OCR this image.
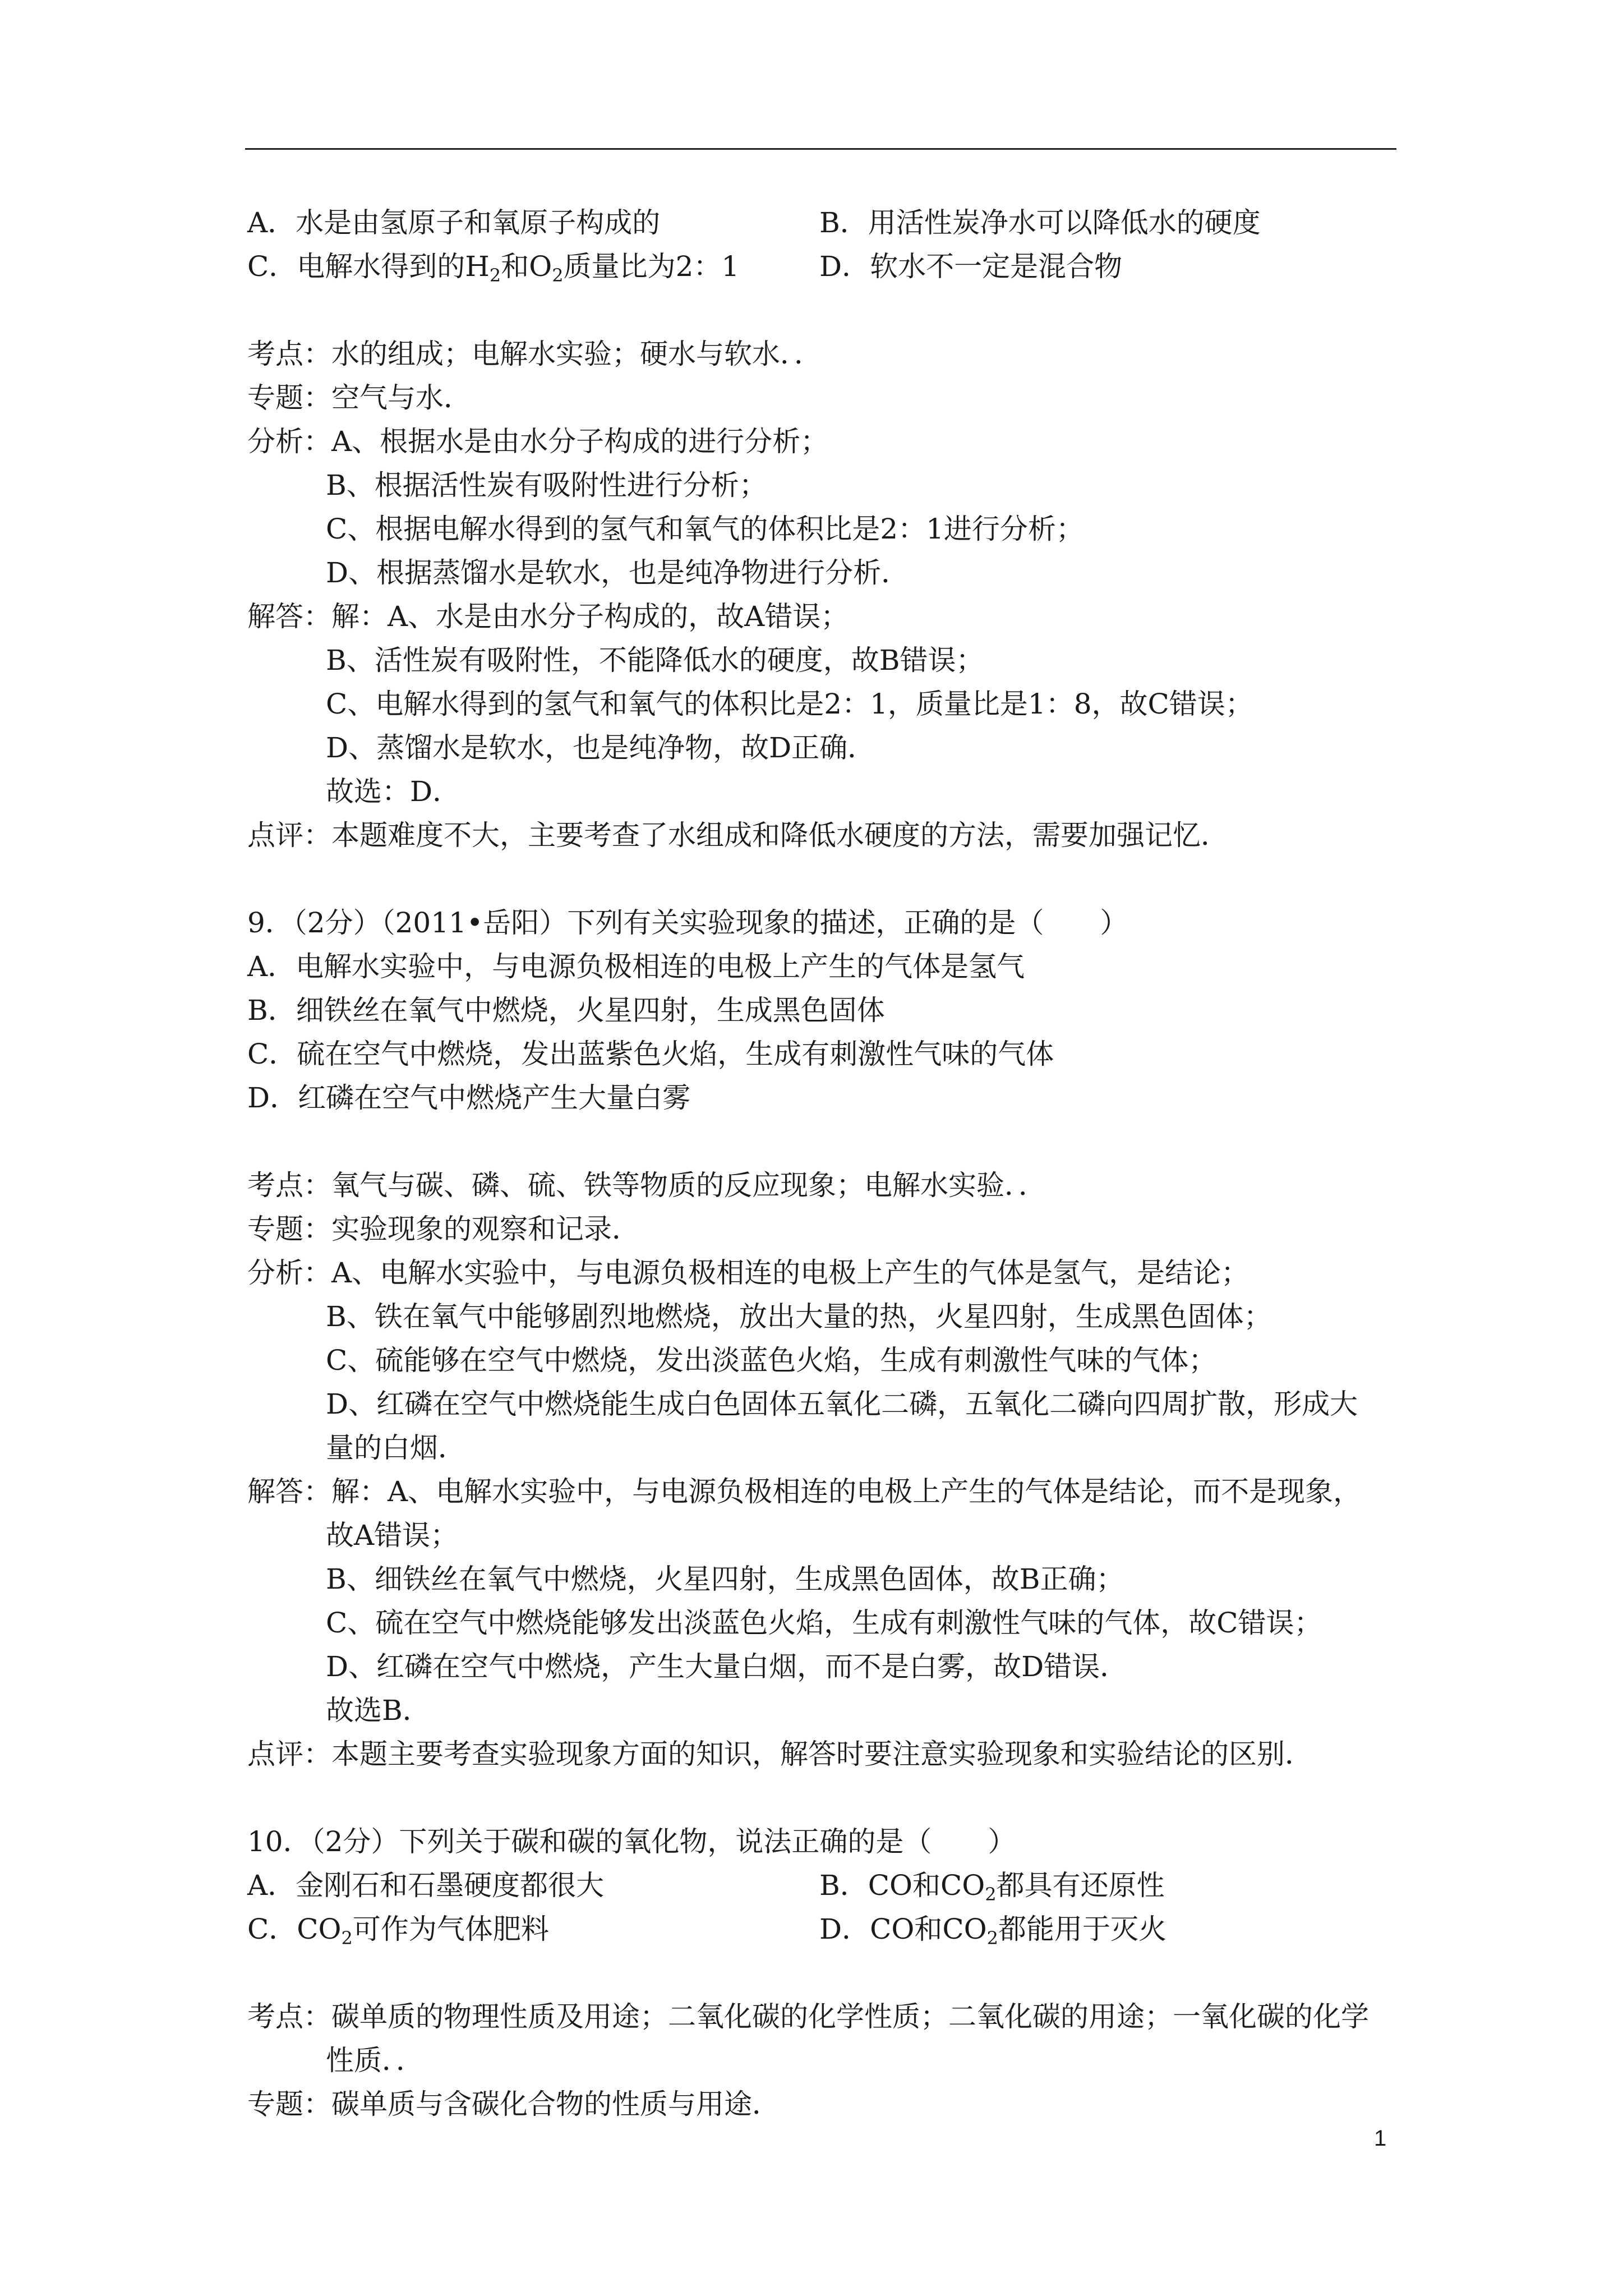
A．水是由氢原子和氧原子构成的	B．用活性炭净水可以降低水的硬度
C．电解水得到的$H_2$和$O_2$质量比为2：1	D．软水不一定是混合物
考点：水的组成；电解水实验；硬水与软水．．
专题：空气与水．
分析：A、根据水是由水分子构成的进行分析；
B、根据活性炭有吸附性进行分析；
C、根据电解水得到的氢气和氧气的体积比是2：1进行分析；
D、根据蒸馏水是软水，也是纯净物进行分析．
解答：解：A、水是由水分子构成的，故A错误；
B、活性炭有吸附性，不能降低水的硬度，故B错误；
C、电解水得到的氢气和氧气的体积比是2：1，质量比是1：8，故C错误；
D、蒸馏水是软水，也是纯净物，故D正确．
故选：D．
点评：本题难度不大，主要考查了水组成和降低水硬度的方法，需要加强记忆．
9．（2分）（2011•岳阳）下列有关实验现象的描述，正确的是（　　）
A．电解水实验中，与电源负极相连的电极上产生的气体是氢气
B．细铁丝在氧气中燃烧，火星四射，生成黑色固体
C．硫在空气中燃烧，发出蓝紫色火焰，生成有刺激性气味的气体
D．红磷在空气中燃烧产生大量白雾
考点：氧气与碳、磷、硫、铁等物质的反应现象；电解水实验．．
专题：实验现象的观察和记录．
分析：A、电解水实验中，与电源负极相连的电极上产生的气体是氢气，是结论；
B、铁在氧气中能够剧烈地燃烧，放出大量的热，火星四射，生成黑色固体；
C、硫能够在空气中燃烧，发出淡蓝色火焰，生成有刺激性气味的气体；
D、红磷在空气中燃烧能生成白色固体五氧化二磷，五氧化二磷向四周扩散，形成大
量的白烟．
解答：解：A、电解水实验中，与电源负极相连的电极上产生的气体是结论，而不是现象，
故A错误；
B、细铁丝在氧气中燃烧，火星四射，生成黑色固体，故B正确；
C、硫在空气中燃烧能够发出淡蓝色火焰，生成有刺激性气味的气体，故C错误；
D、红磷在空气中燃烧，产生大量白烟，而不是白雾，故D错误．
故选B．
点评：本题主要考查实验现象方面的知识，解答时要注意实验现象和实验结论的区别．
10．（2分）下列关于碳和碳的氧化物，说法正确的是（　　）
A．金刚石和石墨硬度都很大	B．CO和$CO_2$都具有还原性
C．$CO_2$可作为气体肥料	D．CO和$CO_2$都能用于灭火
考点：碳单质的物理性质及用途；二氧化碳的化学性质；二氧化碳的用途；一氧化碳的化学
性质．．
专题：碳单质与含碳化合物的性质与用途．
1
